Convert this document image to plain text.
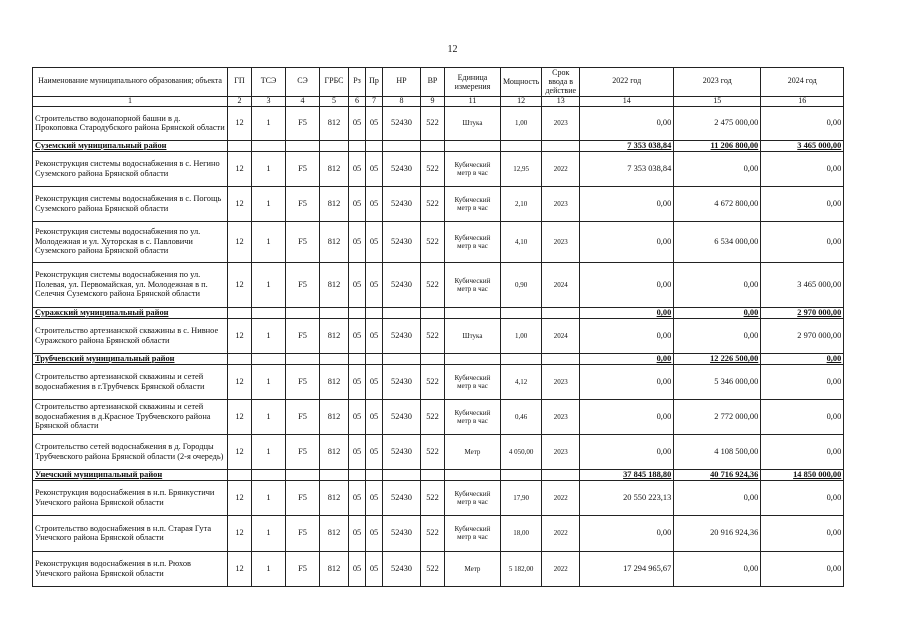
12
Наименование муниципального образования; объекта	ГП	ТСЭ	СЭ	ГРБС	Рз	Пр	НР	ВР	Единица измерения	Мощность	Срок ввода в действие	2022 год	2023 год	2024 год
1	2	3	4	5	6	7	8	9	11	12	13	14	15	16
Строительство водонапорной башни в д. Прокоповка Стародубского района Брянской области	12	1	F5	812	05	05	52430	522	Штука	1,00	2023	0,00	2 475 000,00	0,00
Суземский муниципальный район												7 353 038,84	11 206 800,00	3 465 000,00
Реконструкция системы водоснабжения в с. Негино Суземского района Брянской области	12	1	F5	812	05	05	52430	522	Кубический метр в час	12,95	2022	7 353 038,84	0,00	0,00
Реконструкция системы водоснабжения в с. Погощь Суземского района Брянской области	12	1	F5	812	05	05	52430	522	Кубический метр в час	2,10	2023	0,00	4 672 800,00	0,00
Реконструкция системы водоснабжения по ул. Молодежная и ул. Хуторская в с. Павловичи Суземского района Брянской области	12	1	F5	812	05	05	52430	522	Кубический метр в час	4,10	2023	0,00	6 534 000,00	0,00
Реконструкция системы водоснабжения по ул. Полевая, ул. Первомайская, ул. Молодежная в п. Селечня Суземского района Брянской области	12	1	F5	812	05	05	52430	522	Кубический метр в час	0,90	2024	0,00	0,00	3 465 000,00
Суражский муниципальный район												0,00	0,00	2 970 000,00
Строительство артезианской скважины в с. Нивное Суражского района Брянской области	12	1	F5	812	05	05	52430	522	Штука	1,00	2024	0,00	0,00	2 970 000,00
Трубчевский муниципальный район												0,00	12 226 500,00	0,00
Строительство артезианской скважины и сетей водоснабжения в г.Трубчевск Брянской области	12	1	F5	812	05	05	52430	522	Кубический метр в час	4,12	2023	0,00	5 346 000,00	0,00
Строительство артезианской скважины и сетей водоснабжения в д.Красное Трубчевского района Брянской области	12	1	F5	812	05	05	52430	522	Кубический метр в час	0,46	2023	0,00	2 772 000,00	0,00
Строительство сетей водоснабжения в д. Городцы Трубчевского района Брянской области (2-я очередь)	12	1	F5	812	05	05	52430	522	Метр	4 050,00	2023	0,00	4 108 500,00	0,00
Унечский муниципальный район												37 845 188,80	40 716 924,36	14 850 000,00
Реконструкция водоснабжения в н.п. Брянкустичи Унечского района Брянской области	12	1	F5	812	05	05	52430	522	Кубический метр в час	17,90	2022	20 550 223,13	0,00	0,00
Строительство водоснабжения в н.п. Старая Гута Унечского района Брянской области	12	1	F5	812	05	05	52430	522	Кубический метр в час	18,00	2022	0,00	20 916 924,36	0,00
Реконструкция водоснабжения в н.п. Рюхов Унечского района Брянской области	12	1	F5	812	05	05	52430	522	Метр	5 182,00	2022	17 294 965,67	0,00	0,00
